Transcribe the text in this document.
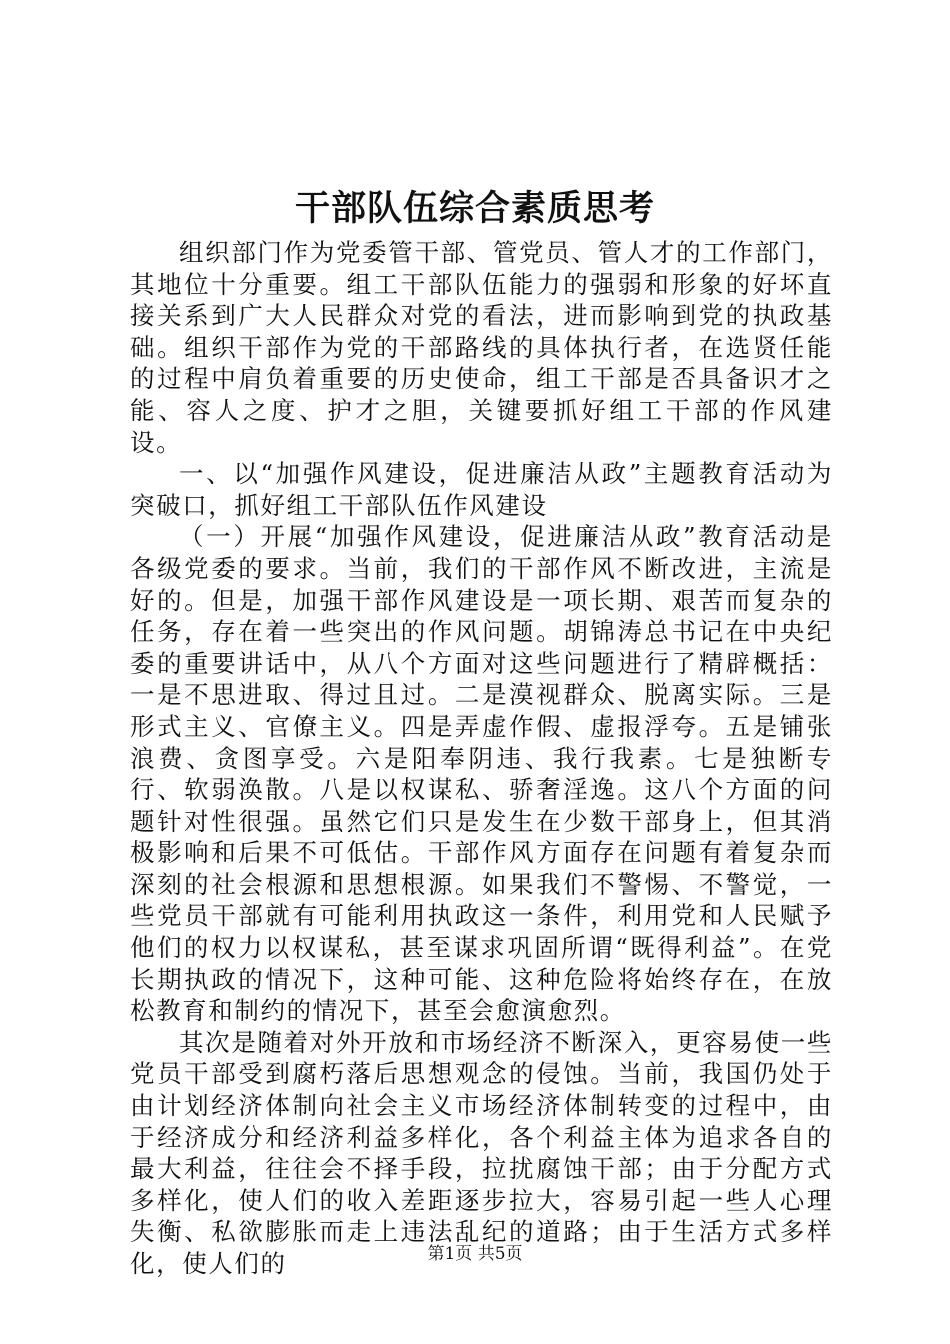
干部队伍综合素质思考

组织部门作为党委管干部、管党员、管人才的工作部门，其地位十分重要。组工干部队伍能力的强弱和形象的好坏直接关系到广大人民群众对党的看法，进而影响到党的执政基础。组织干部作为党的干部路线的具体执行者，在选贤任能的过程中肩负着重要的历史使命，组工干部是否具备识才之能、容人之度、护才之胆，关键要抓好组工干部的作风建设。

一、以“加强作风建设，促进廉洁从政”主题教育活动为突破口，抓好组工干部队伍作风建设

（一）开展“加强作风建设，促进廉洁从政”教育活动是各级党委的要求。当前，我们的干部作风不断改进，主流是好的。但是，加强干部作风建设是一项长期、艰苦而复杂的任务，存在着一些突出的作风问题。胡锦涛总书记在中央纪委的重要讲话中，从八个方面对这些问题进行了精辟概括：一是不思进取、得过且过。二是漠视群众、脱离实际。三是形式主义、官僚主义。四是弄虚作假、虚报浮夸。五是铺张浪费、贪图享受。六是阳奉阴违、我行我素。七是独断专行、软弱涣散。八是以权谋私、骄奢淫逸。这八个方面的问题针对性很强。虽然它们只是发生在少数干部身上，但其消极影响和后果不可低估。干部作风方面存在问题有着复杂而深刻的社会根源和思想根源。如果我们不警惕、不警觉，一些党员干部就有可能利用执政这一条件，利用党和人民赋予他们的权力以权谋私，甚至谋求巩固所谓“既得利益”。在党长期执政的情况下，这种可能、这种危险将始终存在，在放松教育和制约的情况下，甚至会愈演愈烈。

其次是随着对外开放和市场经济不断深入，更容易使一些党员干部受到腐朽落后思想观念的侵蚀。当前，我国仍处于由计划经济体制向社会主义市场经济体制转变的过程中，由于经济成分和经济利益多样化，各个利益主体为追求各自的最大利益，往往会不择手段，拉扰腐蚀干部；由于分配方式多样化，使人们的收入差距逐步拉大，容易引起一些人心理失衡、私欲膨胀而走上违法乱纪的道路；由于生活方式多样化，使人们的	第1页 共5页
